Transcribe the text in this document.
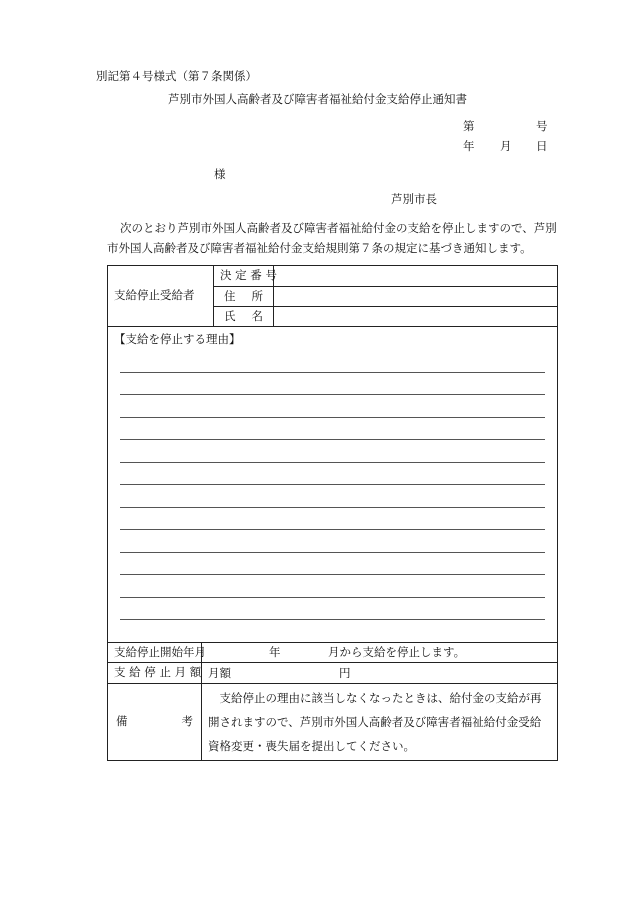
別記第４号様式（第７条関係）
芦別市外国人高齢者及び障害者福祉給付金支給停止通知書
第	号
年 月 日
様
芦別市長
次のとおり芦別市外国人高齢者及び障害者福祉給付金の支給を停止しますので、芦別
市外国人高齢者及び障害者福祉給付金支給規則第７条の規定に基づき通知します。
支給停止受給者		決 定 番 号	

		住 所	

		氏 名	

【支給を停止する理由】			

支給停止開始年月	年 月から支給を停止します。		

支 給 停 止 月 額	月額 円		

備 考	　支給停止の理由に該当しなくなったときは、給付金の支給が再開されますので、芦別市外国人高齢者及び障害者福祉給付金受給資格変更・喪失届を提出してください。		
